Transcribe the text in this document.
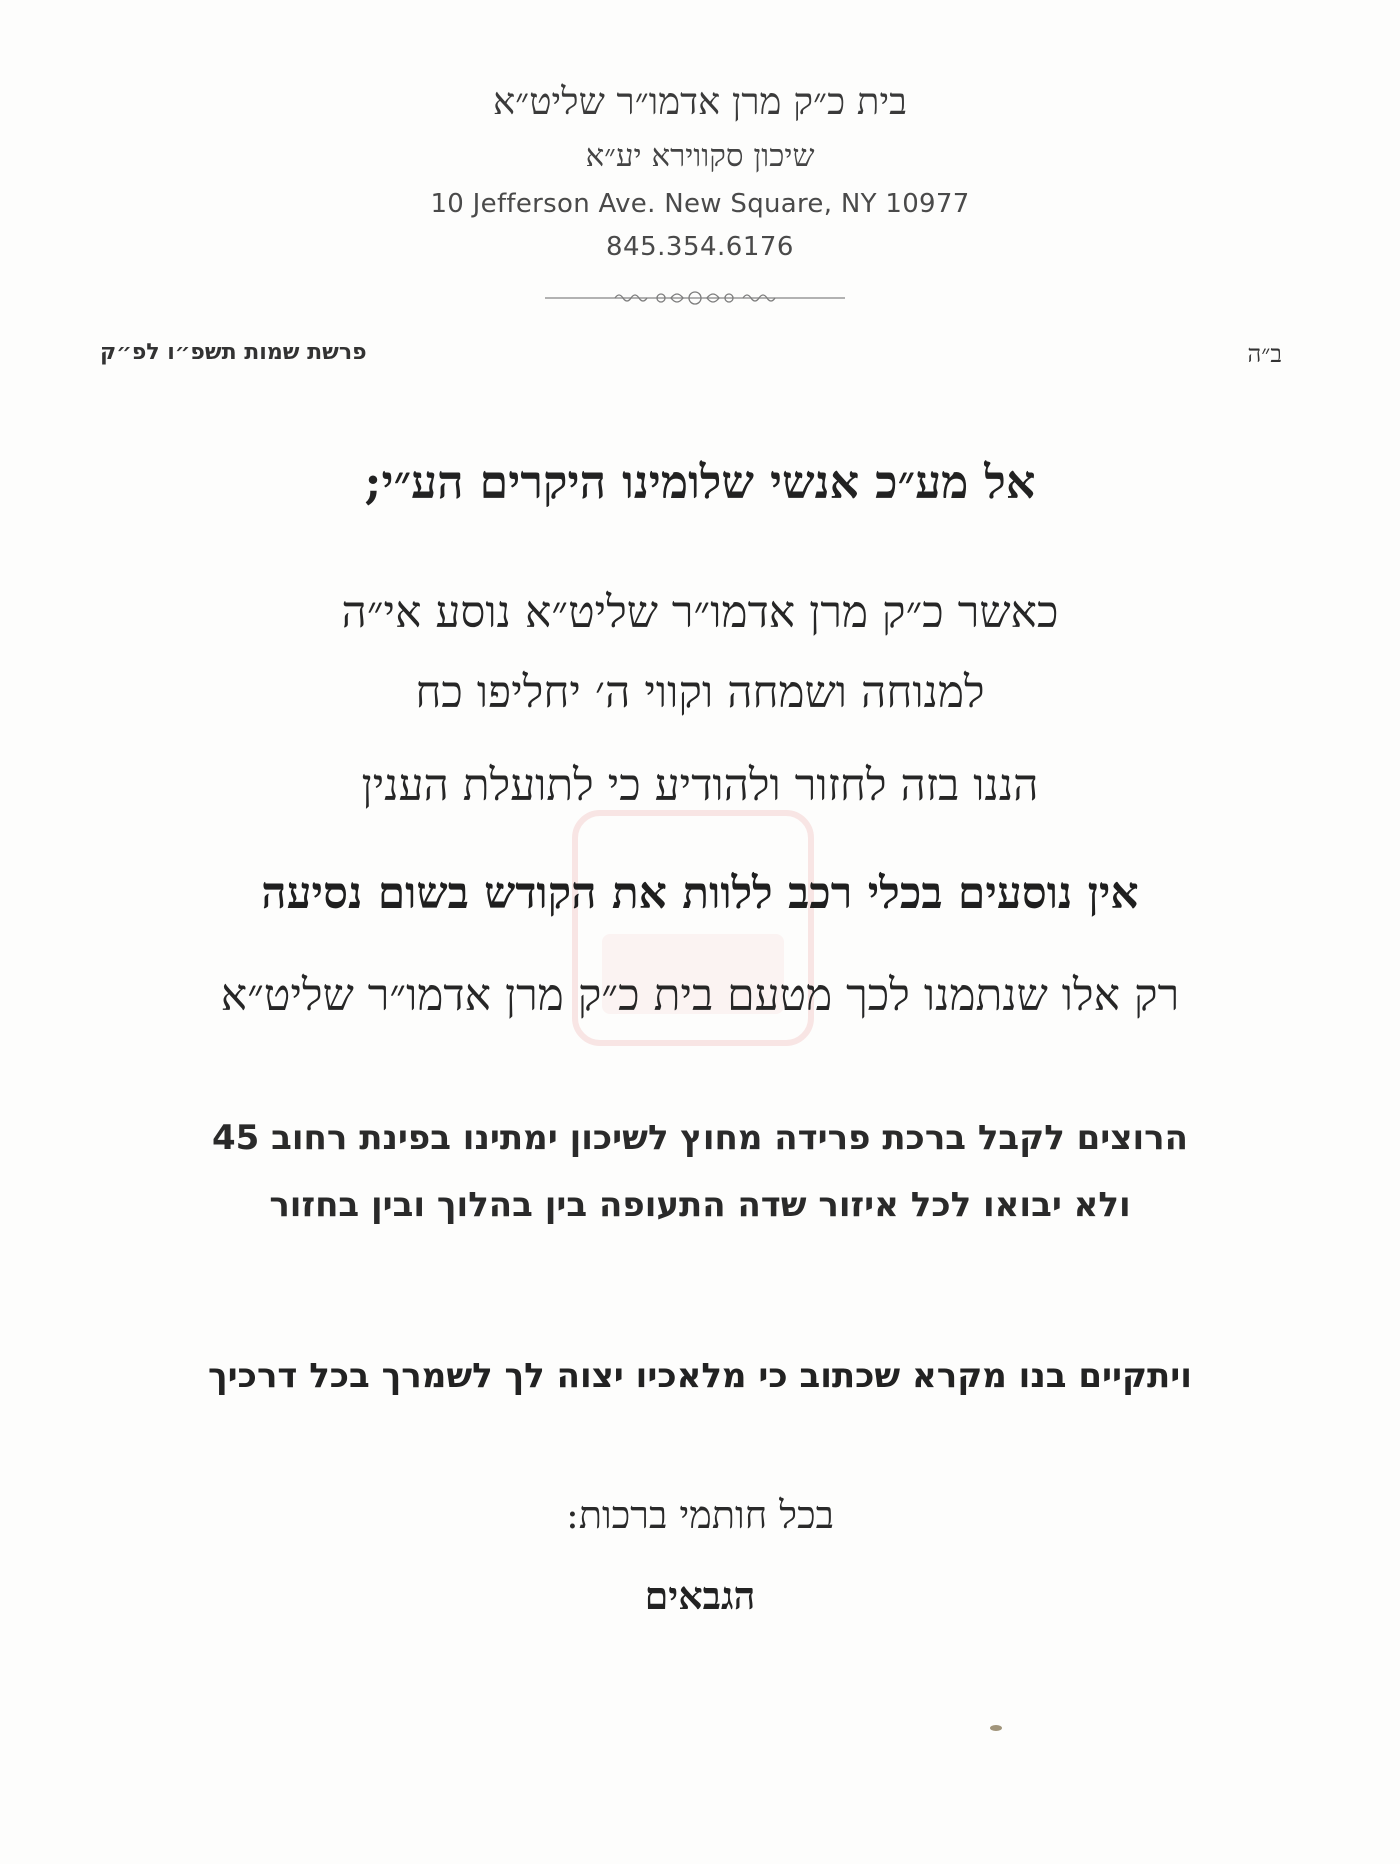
בית כ״ק מרן אדמו״ר שליט״א
שיכון סקווירא יע״א
10 Jefferson Ave. New Square, NY 10977
845.354.6176
ב״ה
פרשת שמות תשפ״ו לפ״ק
אל מע״כ אנשי שלומינו היקרים הע״י;
כאשר כ״ק מרן אדמו״ר שליט״א נוסע אי״ה
למנוחה ושמחה וקווי ה׳ יחליפו כח
הננו בזה לחזור ולהודיע כי לתועלת הענין
אין נוסעים בכלי רכב ללוות את הקודש בשום נסיעה
רק אלו שנתמנו לכך מטעם בית כ״ק מרן אדמו״ר שליט״א
הרוצים לקבל ברכת פרידה מחוץ לשיכון ימתינו בפינת רחוב 45
ולא יבואו לכל איזור שדה התעופה בין בהלוך ובין בחזור
ויתקיים בנו מקרא שכתוב כי מלאכיו יצוה לך לשמרך בכל דרכיך
בכל חותמי ברכות:
הגבאים
